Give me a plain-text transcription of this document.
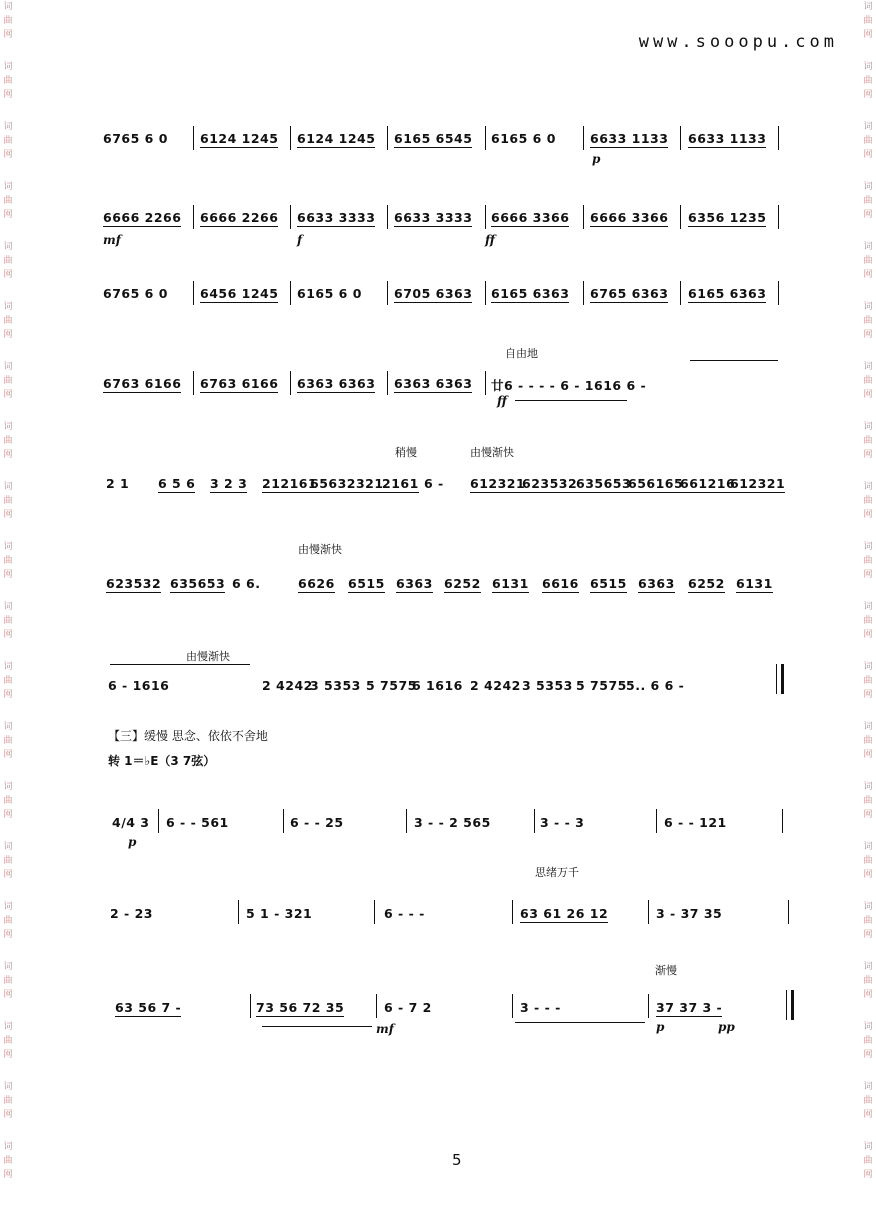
词
曲
网
词
曲
网
词
曲
网
词
曲
网
词
曲
网
词
曲
网
词
曲
网
词
曲
网
词
曲
网
词
曲
网
词
曲
网
词
曲
网
词
曲
网
词
曲
网
词
曲
网
词
曲
网
词
曲
网
词
曲
网
词
曲
网
词
曲
网
词
曲
网
词
曲
网
词
曲
网
词
曲
网
词
曲
网
词
曲
网
词
曲
网
词
曲
网
词
曲
网
词
曲
网
词
曲
网
词
曲
网
词
曲
网
词
曲
网
词
曲
网
词
曲
网
词
曲
网
词
曲
网
词
曲
网
词
曲
网
www.sooopu.com
6765 6 0	6124 1245 6124 1245 6165 6545 6165 6 0	6633 1133
p
6633 1133
6666 2266
mf
6666 2266 6633 3333
f
6633 3333
ff
6666 3366 6666 3366 6356 1235
6765 6 0	6456 1245 6165 6 0	6705 6363 6165 6363 6765 6363 6165 6363
自由地
6763 6166 6763 6166 6363 6363 6363 6363 廿6 - - - - 6 - 1616 6 -
ff
稍慢	由慢渐快
2 1 6 5 6 3 2 3 212161
65632321
2161 6 - 612321
623532
635653
656165
661216
612321
由慢渐快
623532 635653 6 6.	6626 6515 6363 6252 6131 6616 6515 6363 6252 6131
由慢渐快
6 - 1616	2 4242
3 5353 5 7575
6 1616 2 4242 3 5353 5 7575 5.. 6 6 -
【三】缓慢 思念、依依不舍地
转 1＝♭E（3 7弦）
4/4 3
p
6 - - 561	6 - - 25	3 - - 2 565	3 - - 3	6 - - 121
思绪万千
2 - 23	5 1 - 321	6 - - -	63 61 26 12	3 - 37 35
渐慢
63 56 7 -	73 56 72 35
mf
6 - 7 2	3 - - -	37 37 3 -
p	pp
5
